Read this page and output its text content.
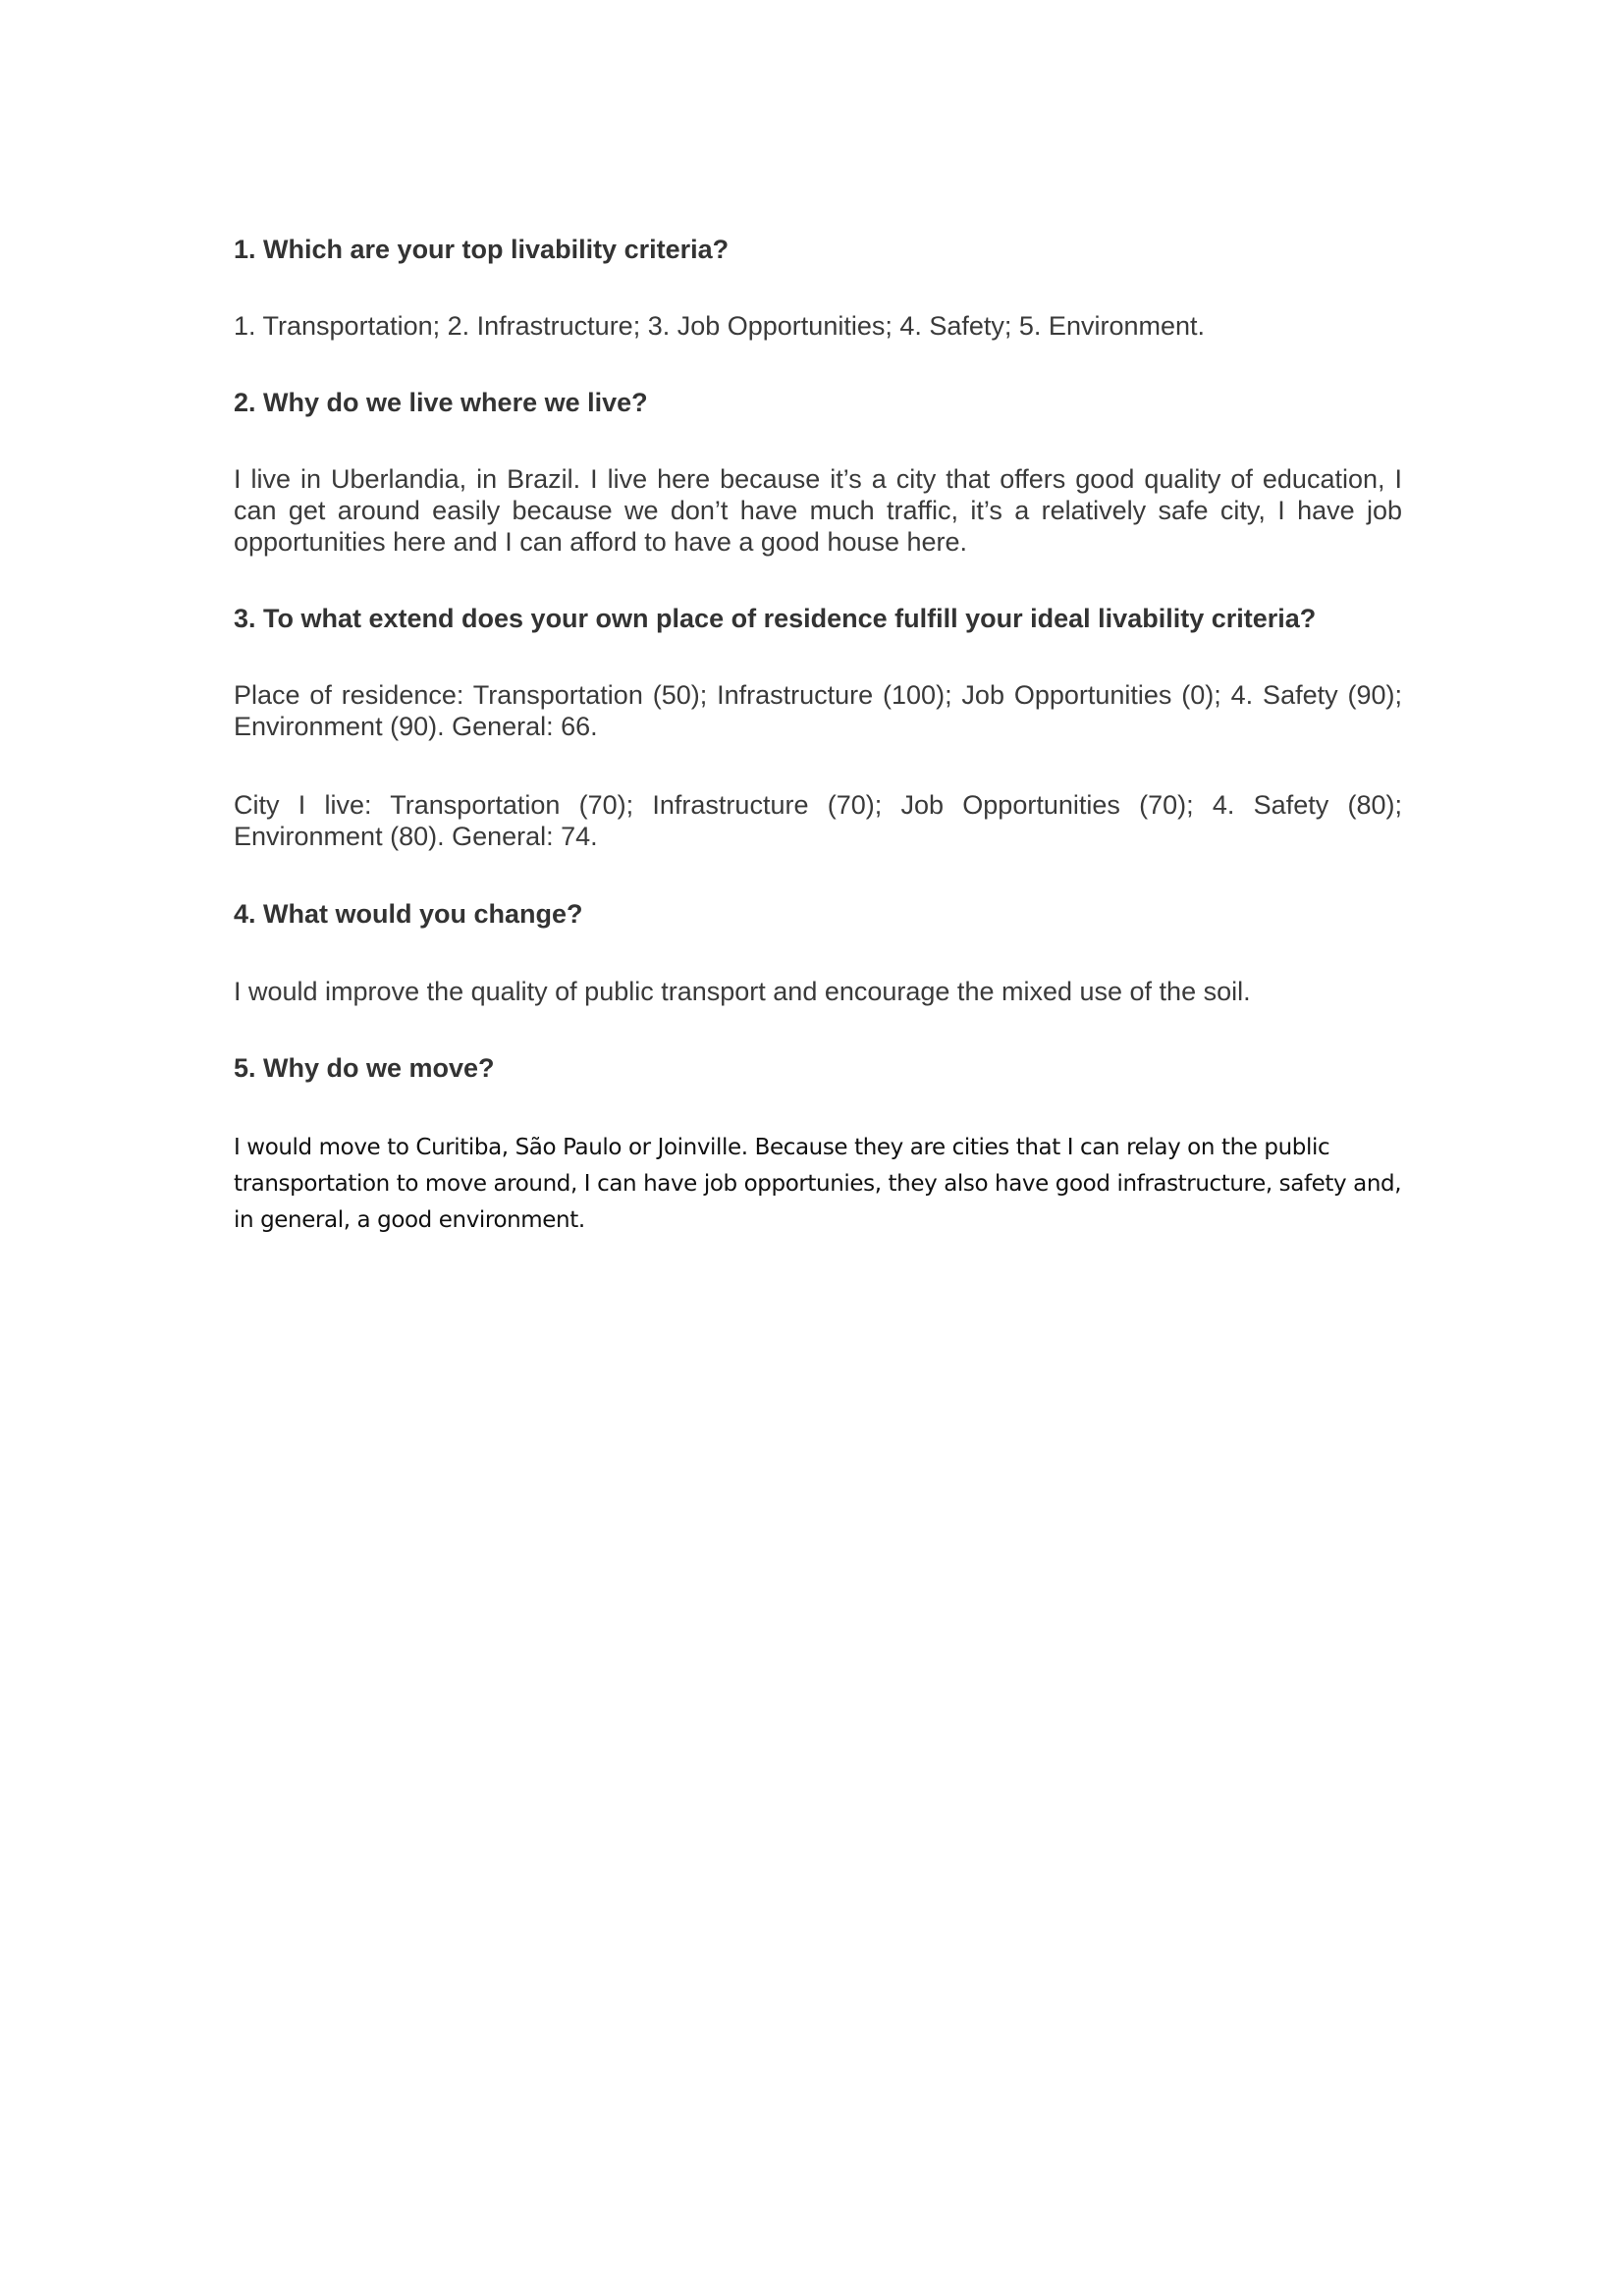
1. Which are your top livability criteria?

1. Transportation; 2. Infrastructure; 3. Job Opportunities; 4. Safety; 5. Environment.

2. Why do we live where we live?

I live in Uberlandia, in Brazil. I live here because it’s a city that offers good quality of education, I can get around easily because we don’t have much traffic, it’s a relatively safe city, I have job opportunities here and I can afford to have a good house here.

3. To what extend does your own place of residence fulfill your ideal livability criteria?

Place of residence: Transportation (50); Infrastructure (100); Job Opportunities (0); 4. Safety (90); Environment (90). General: 66.

City I live: Transportation (70); Infrastructure (70); Job Opportunities (70); 4. Safety (80); Environment (80). General: 74.

4. What would you change?

I would improve the quality of public transport and encourage the mixed use of the soil.

5. Why do we move?

I would move to Curitiba, São Paulo or Joinville. Because they are cities that I can relay on the public transportation to move around, I can have job opportunies, they also have good infrastructure, safety and, in general, a good environment.
